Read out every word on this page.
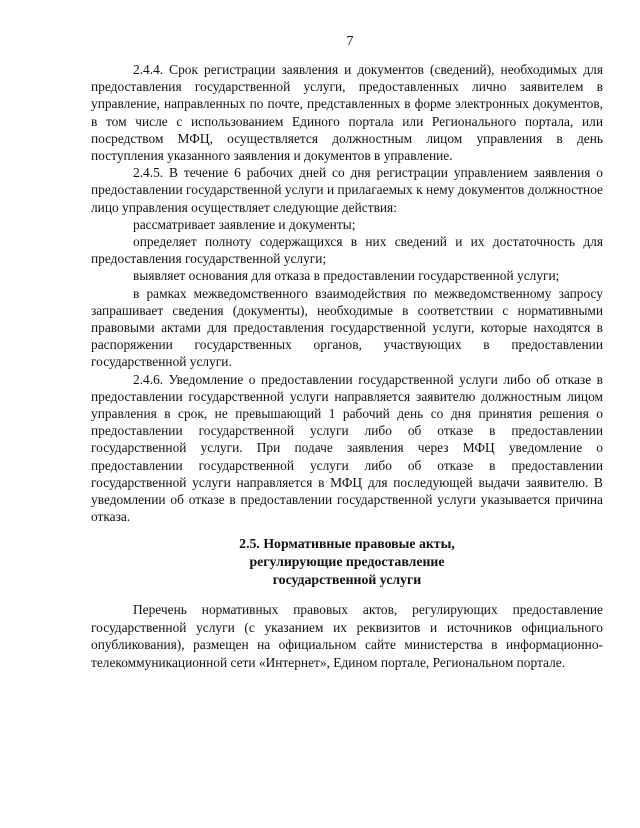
7

2.4.4. Срок регистрации заявления и документов (сведений), необходимых для предоставления государственной услуги, предоставленных лично заявителем в управление, направленных по почте, представленных в форме электронных документов, в том числе с использованием Единого портала или Регионального портала, или посредством МФЦ, осуществляется должностным лицом управления в день поступления указанного заявления и документов в управление.

2.4.5. В течение 6 рабочих дней со дня регистрации управлением заявления о предоставлении государственной услуги и прилагаемых к нему документов должностное лицо управления осуществляет следующие действия:

рассматривает заявление и документы;

определяет полноту содержащихся в них сведений и их достаточность для предоставления государственной услуги;

выявляет основания для отказа в предоставлении государственной услуги;

в рамках межведомственного взаимодействия по межведомственному запросу запрашивает сведения (документы), необходимые в соответствии с нормативными правовыми актами для предоставления государственной услуги, которые находятся в распоряжении государственных органов, участвующих в предоставлении государственной услуги.

2.4.6. Уведомление о предоставлении государственной услуги либо об отказе в предоставлении государственной услуги направляется заявителю должностным лицом управления в срок, не превышающий 1 рабочий день со дня принятия решения о предоставлении государственной услуги либо об отказе в предоставлении государственной услуги. При подаче заявления через МФЦ уведомление о предоставлении государственной услуги либо об отказе в предоставлении государственной услуги направляется в МФЦ для последующей выдачи заявителю. В уведомлении об отказе в предоставлении государственной услуги указывается причина отказа.

2.5. Нормативные правовые акты,
регулирующие предоставление
государственной услуги

Перечень нормативных правовых актов, регулирующих предоставление государственной услуги (с указанием их реквизитов и источников официального опубликования), размещен на официальном сайте министерства в информационно-телекоммуникационной сети «Интернет», Едином портале, Региональном портале.
